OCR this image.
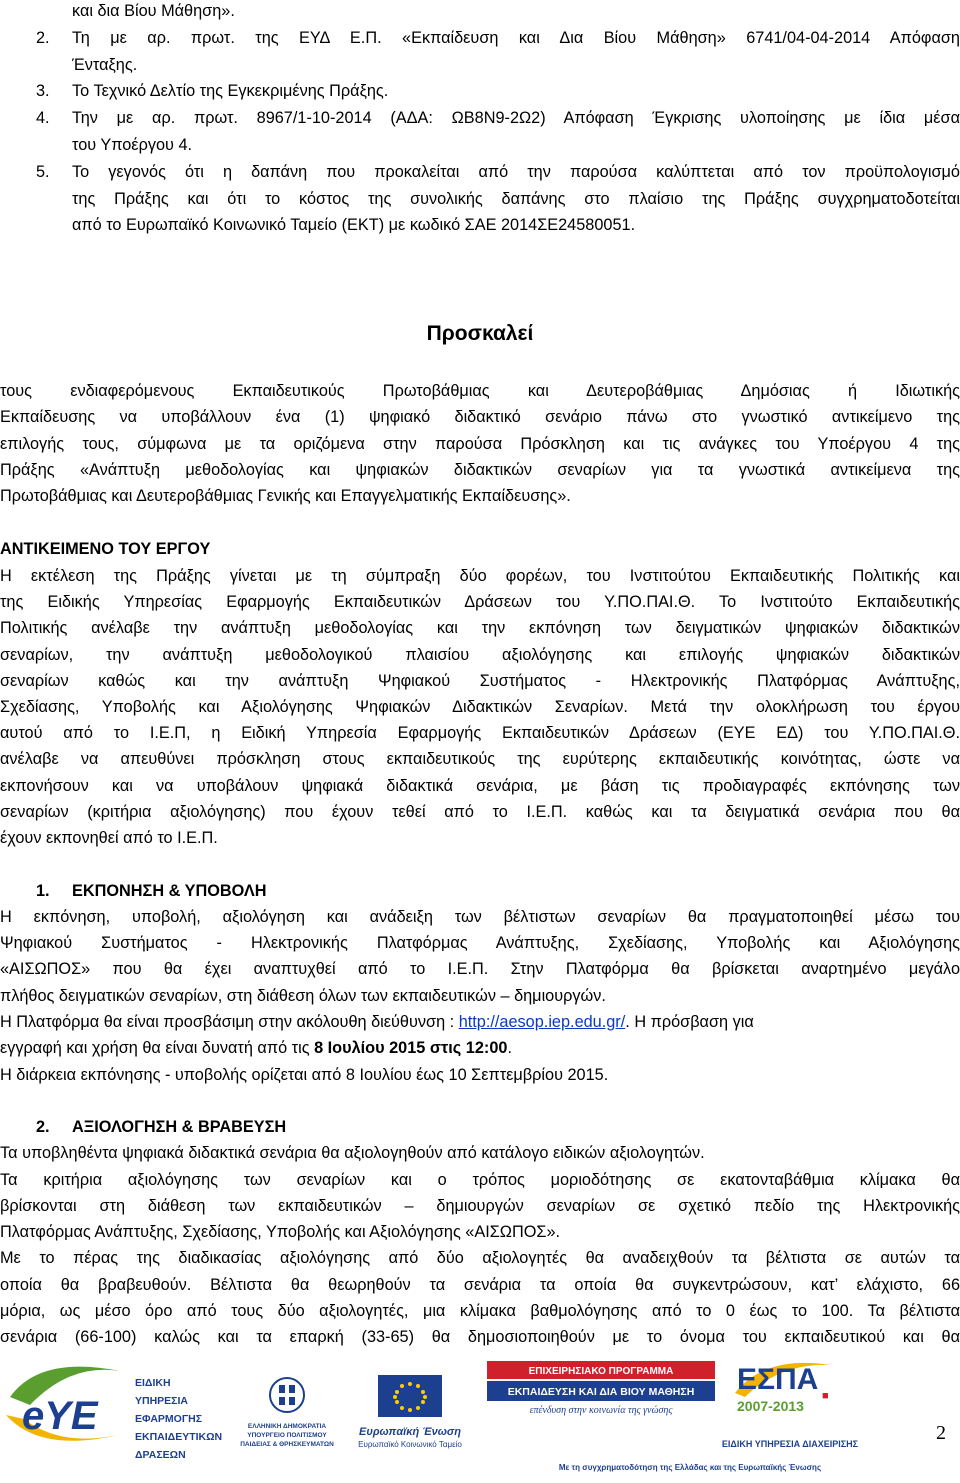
και δια Βίου Μάθηση».
2. Τη με αρ. πρωτ. της ΕΥΔ Ε.Π. «Εκπαίδευση και Δια Βίου Μάθηση» 6741/04-04-2014 Απόφαση
Ένταξης.
3. Το Τεχνικό Δελτίο της Εγκεκριμένης Πράξης.
4. Την με αρ. πρωτ. 8967/1-10-2014 (ΑΔΑ: ΩΒ8Ν9-2Ω2) Απόφαση Έγκρισης υλοποίησης με ίδια μέσα
του Υποέργου 4.
5. Το γεγονός ότι η δαπάνη που προκαλείται από την παρούσα καλύπτεται από τον προϋπολογισμό
της Πράξης και ότι το κόστος της συνολικής δαπάνης στο πλαίσιο της Πράξης συγχρηματοδοτείται
από το Ευρωπαϊκό Κοινωνικό Ταμείο (ΕΚΤ) με κωδικό ΣΑΕ 2014ΣΕ24580051.
Προσκαλεί
τους ενδιαφερόμενους Εκπαιδευτικούς Πρωτοβάθμιας και Δευτεροβάθμιας Δημόσιας ή Ιδιωτικής
Εκπαίδευσης να υποβάλλουν ένα (1) ψηφιακό διδακτικό σενάριο πάνω στο γνωστικό αντικείμενο της
επιλογής τους, σύμφωνα με τα οριζόμενα στην παρούσα Πρόσκληση και τις ανάγκες του Υποέργου 4 της
Πράξης «Ανάπτυξη μεθοδολογίας και ψηφιακών διδακτικών σεναρίων για τα γνωστικά αντικείμενα της
Πρωτοβάθμιας και Δευτεροβάθμιας Γενικής και Επαγγελματικής Εκπαίδευσης».
ΑΝΤΙΚΕΙΜΕΝΟ ΤΟΥ ΕΡΓΟΥ
Η εκτέλεση της Πράξης γίνεται με τη σύμπραξη δύο φορέων, του Ινστιτούτου Εκπαιδευτικής Πολιτικής και
της Ειδικής Υπηρεσίας Εφαρμογής Εκπαιδευτικών Δράσεων του Υ.ΠΟ.ΠΑΙ.Θ. Το Ινστιτούτο Εκπαιδευτικής
Πολιτικής ανέλαβε την ανάπτυξη μεθοδολογίας και την εκπόνηση των δειγματικών ψηφιακών διδακτικών
σεναρίων, την ανάπτυξη μεθοδολογικού πλαισίου αξιολόγησης και επιλογής ψηφιακών διδακτικών
σεναρίων καθώς και την ανάπτυξη Ψηφιακού Συστήματος - Ηλεκτρονικής Πλατφόρμας Ανάπτυξης,
Σχεδίασης, Υποβολής και Αξιολόγησης Ψηφιακών Διδακτικών Σεναρίων. Μετά την ολοκλήρωση του έργου
αυτού από το Ι.Ε.Π, η Ειδική Υπηρεσία Εφαρμογής Εκπαιδευτικών Δράσεων (ΕΥΕ ΕΔ) του Υ.ΠΟ.ΠΑΙ.Θ.
ανέλαβε να απευθύνει πρόσκληση στους εκπαιδευτικούς της ευρύτερης εκπαιδευτικής κοινότητας, ώστε να
εκπονήσουν και να υποβάλουν ψηφιακά διδακτικά σενάρια, με βάση τις προδιαγραφές εκπόνησης των
σεναρίων (κριτήρια αξιολόγησης) που έχουν τεθεί από το Ι.Ε.Π. καθώς και τα δειγματικά σενάρια που θα
έχουν εκπονηθεί από το Ι.Ε.Π.
1. ΕΚΠΟΝΗΣΗ & ΥΠΟΒΟΛΗ
Η εκπόνηση, υποβολή, αξιολόγηση και ανάδειξη των βέλτιστων σεναρίων θα πραγματοποιηθεί μέσω του
Ψηφιακού Συστήματος - Ηλεκτρονικής Πλατφόρμας Ανάπτυξης, Σχεδίασης, Υποβολής και Αξιολόγησης
«ΑΙΣΩΠΟΣ» που θα έχει αναπτυχθεί από το Ι.Ε.Π. Στην Πλατφόρμα θα βρίσκεται αναρτημένο μεγάλο
πλήθος δειγματικών σεναρίων, στη διάθεση όλων των εκπαιδευτικών – δημιουργών.
Η Πλατφόρμα θα είναι προσβάσιμη στην ακόλουθη διεύθυνση : http://aesop.iep.edu.gr/. Η πρόσβαση για
εγγραφή και χρήση θα είναι δυνατή από τις 8 Ιουλίου 2015 στις 12:00.
Η διάρκεια εκπόνησης - υποβολής ορίζεται από 8 Ιουλίου έως 10 Σεπτεμβρίου 2015.
2. ΑΞΙΟΛΟΓΗΣΗ & ΒΡΑΒΕΥΣΗ
Τα υποβληθέντα ψηφιακά διδακτικά σενάρια θα αξιολογηθούν από κατάλογο ειδικών αξιολογητών.
Τα κριτήρια αξιολόγησης των σεναρίων και ο τρόπος μοριοδότησης σε εκατονταβάθμια κλίμακα θα
βρίσκονται στη διάθεση των εκπαιδευτικών – δημιουργών σεναρίων σε σχετικό πεδίο της Ηλεκτρονικής
Πλατφόρμας Ανάπτυξης, Σχεδίασης, Υποβολής και Αξιολόγησης «ΑΙΣΩΠΟΣ».
Με το πέρας της διαδικασίας αξιολόγησης από δύο αξιολογητές θα αναδειχθούν τα βέλτιστα σε αυτών τα
οποία θα βραβευθούν. Βέλτιστα θα θεωρηθούν τα σενάρια τα οποία θα συγκεντρώσουν, κατ’ ελάχιστο, 66
μόρια, ως μέσο όρο από τους δύο αξιολογητές, μια κλίμακα βαθμολόγησης από το 0 έως το 100. Τα βέλτιστα
σενάρια (66-100) καλώς και τα επαρκή (33-65) θα δημοσιοποιηθούν με το όνομα του εκπαιδευτικού και θα
eYE
ΕΙΔΙΚΗ
ΥΠΗΡΕΣΙΑ
ΕΦΑΡΜΟΓΗΣ
ΕΚΠΑΙΔΕΥΤΙΚΩΝ
ΔΡΑΣΕΩΝ
ΕΛΛΗΝΙΚΗ ΔΗΜΟΚΡΑΤΙΑ
ΥΠΟΥΡΓΕΙΟ ΠΟΛΙΤΙΣΜΟΥ
ΠΑΙΔΕΙΑΣ & ΘΡΗΣΚΕΥΜΑΤΩΝ
Ευρωπαϊκή Ένωση
Ευρωπαϊκό Κοινωνικό Ταμείο
ΕΠΙΧΕΙΡΗΣΙΑΚΟ ΠΡΟΓΡΑΜΜΑ
ΕΚΠΑΙΔΕΥΣΗ ΚΑΙ ΔΙΑ ΒΙΟΥ ΜΑΘΗΣΗ
επένδυση στην κοινωνία της γνώσης
ΕΣΠΑ
2007-2013
■
ΕΙΔΙΚΗ ΥΠΗΡΕΣΙΑ ΔΙΑΧΕΙΡΙΣΗΣ
Με τη συγχρηματοδότηση της Ελλάδας και της Ευρωπαϊκής Ένωσης
2
